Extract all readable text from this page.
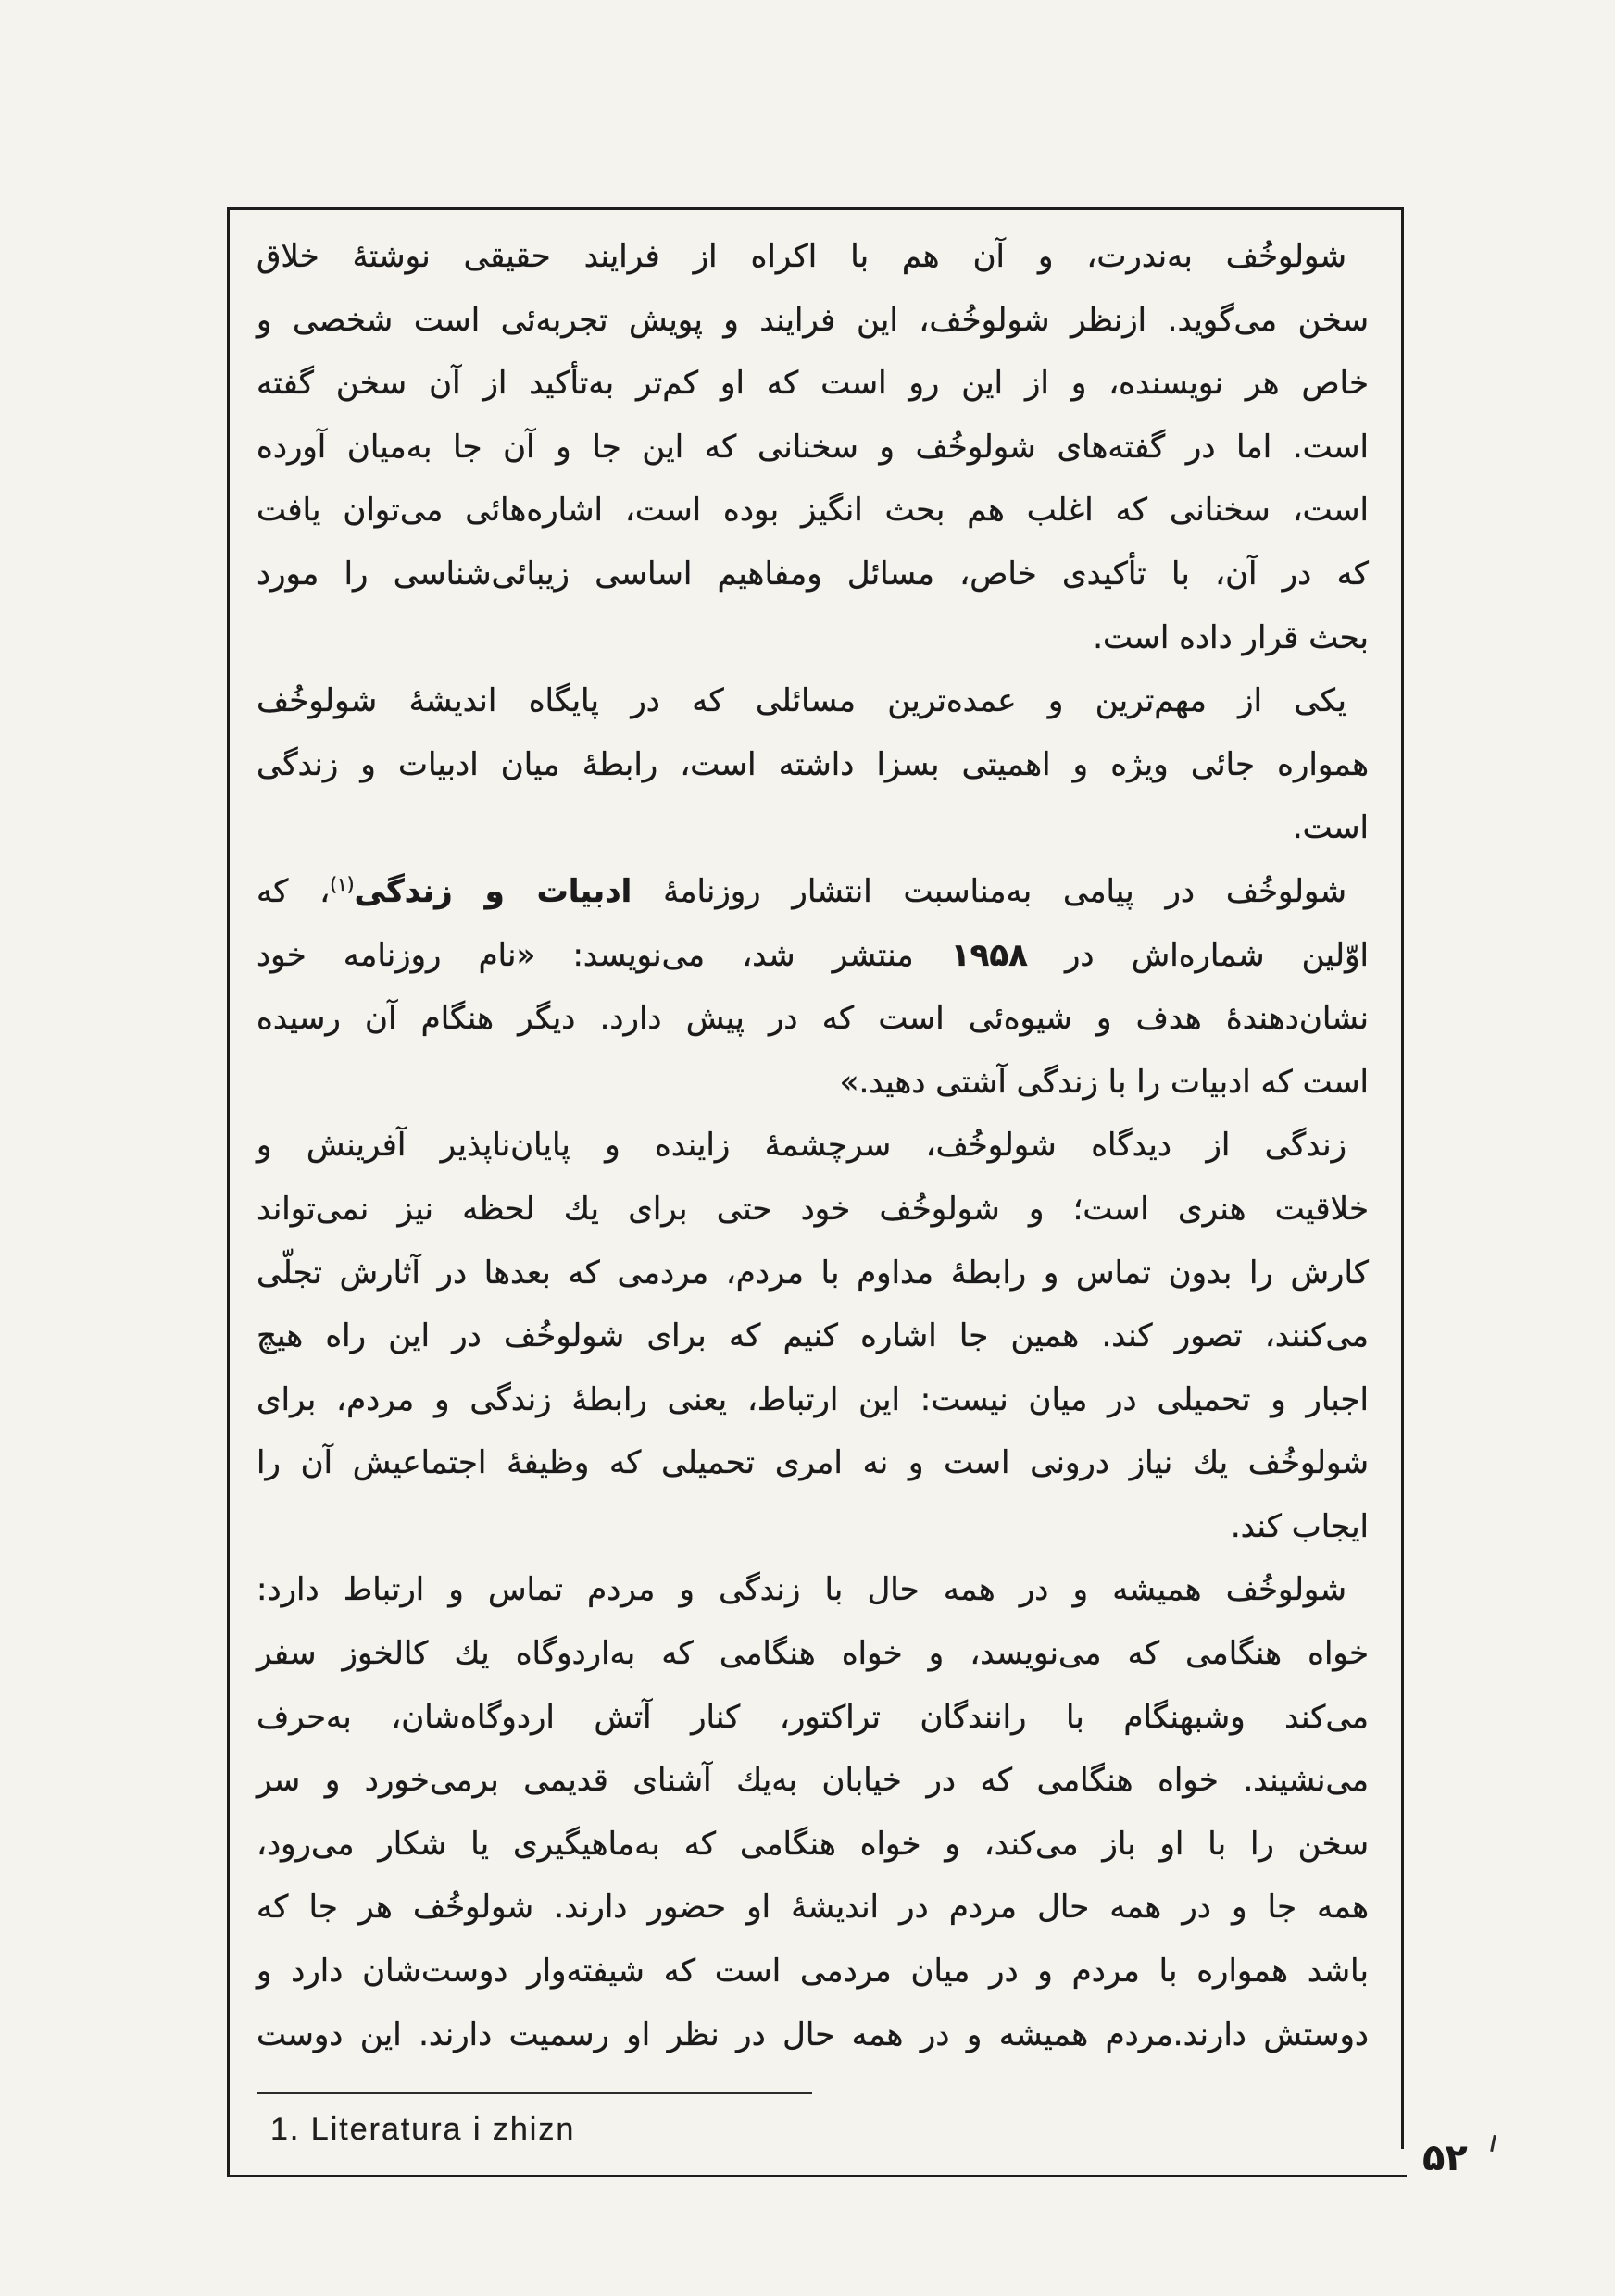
شولوخُف به‌ندرت، و آن هم با اکراه از فرایند حقیقی نوشتهٔ خلاق
سخن می‌گوید. ازنظر شولوخُف، این فرایند و پویش تجربه‌ئی است شخصی و
خاص هر نویسنده، و از این رو است که او کم‌تر به‌تأکید از آن سخن گفته
است. اما در گفته‌های شولوخُف و سخنانی که این جا و آن جا به‌میان آورده
است، سخنانی که اغلب هم بحث انگیز بوده است، اشاره‌هائی می‌توان یافت
که در آن، با تأکیدی خاص، مسائل ومفاهیم اساسی زیبائی‌شناسی را مورد
بحث قرار داده است.
یکی از مهم‌ترین و عمده‌ترین مسائلی که در پایگاه اندیشهٔ شولوخُف
همواره جائی ویژه و اهمیتی بسزا داشته است، رابطهٔ میان ادبیات و زندگی
است.
شولوخُف در پیامی به‌مناسبت انتشار روزنامهٔ ادبیات و زندگی$^{(۱)}$، که
اوّلین شماره‌اش در ۱۹۵۸ منتشر شد، می‌نویسد: «نام روزنامه خود
نشان‌دهندهٔ هدف و شیوه‌ئی است که در پیش دارد. دیگر هنگام آن رسیده
است که ادبیات را با زندگی آشتی دهید.»
زندگی از دیدگاه شولوخُف، سرچشمهٔ زاینده و پایان‌ناپذیر آفرینش و
خلاقیت هنری است؛ و شولوخُف خود حتی برای یك لحظه نیز نمی‌تواند
کارش را بدون تماس و رابطهٔ مداوم با مردم، مردمی که بعدها در آثارش تجلّی
می‌کنند، تصور کند. همین جا اشاره کنیم که برای شولوخُف در این راه هیچ
اجبار و تحمیلی در میان نیست: این ارتباط، یعنی رابطهٔ زندگی و مردم، برای
شولوخُف یك نیاز درونی است و نه امری تحمیلی که وظیفهٔ اجتماعیش آن را
ایجاب کند.
شولوخُف همیشه و در همه حال با زندگی و مردم تماس و ارتباط دارد:
خواه هنگامی که می‌نویسد، و خواه هنگامی که به‌اردوگاه یك کالخوز سفر
می‌کند وشبهنگام با رانندگان تراکتور، کنار آتش اردوگاه‌شان، به‌حرف
می‌نشیند. خواه هنگامی که در خیابان به‌یك آشنای قدیمی برمی‌خورد و سر
سخن را با او باز می‌کند، و خواه هنگامی که به‌ماهیگیری یا شکار می‌رود،
همه جا و در همه حال مردم در اندیشهٔ او حضور دارند. شولوخُف هر جا که
باشد همواره با مردم و در میان مردمی است که شیفته‌وار دوست‌شان دارد و
دوستش دارند.مردم همیشه و در همه حال در نظر او رسمیت دارند. این دوست
1. Literatura i zhizn
۵۲
